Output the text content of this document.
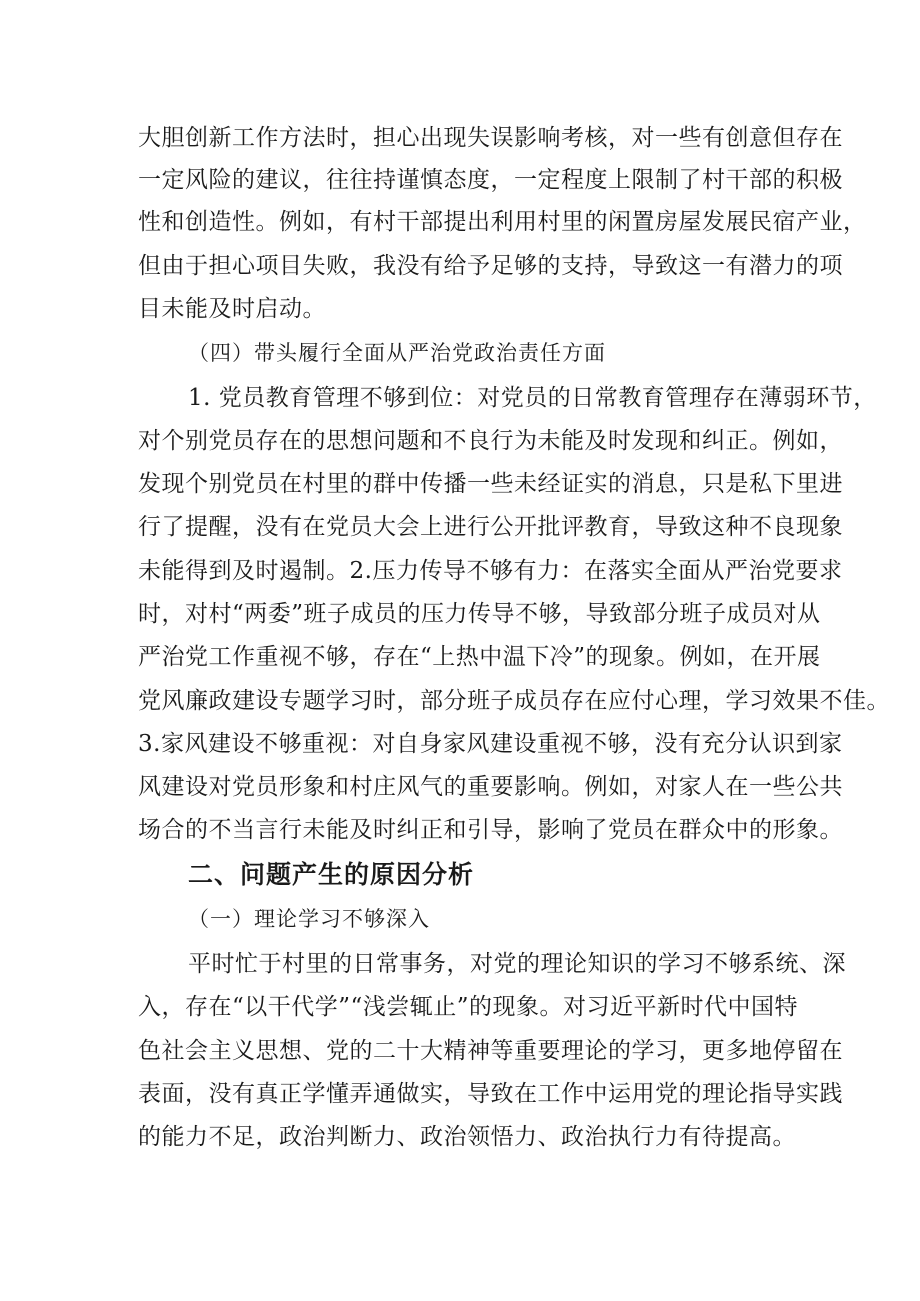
大胆创新工作方法时，担心出现失误影响考核，对一些有创意但存在
一定风险的建议，往往持谨慎态度，一定程度上限制了村干部的积极
性和创造性。例如，有村干部提出利用村里的闲置房屋发展民宿产业，
但由于担心项目失败，我没有给予足够的支持，导致这一有潜力的项
目未能及时启动。
（四）带头履行全面从严治党政治责任方面
1. 党员教育管理不够到位：对党员的日常教育管理存在薄弱环节，
对个别党员存在的思想问题和不良行为未能及时发现和纠正。例如，
发现个别党员在村里的群中传播一些未经证实的消息，只是私下里进
行了提醒，没有在党员大会上进行公开批评教育，导致这种不良现象
未能得到及时遏制。2.压力传导不够有力：在落实全面从严治党要求
时，对村“两委”班子成员的压力传导不够，导致部分班子成员对从
严治党工作重视不够，存在“上热中温下冷”的现象。例如，在开展
党风廉政建设专题学习时，部分班子成员存在应付心理，学习效果不佳。
3.家风建设不够重视：对自身家风建设重视不够，没有充分认识到家
风建设对党员形象和村庄风气的重要影响。例如，对家人在一些公共
场合的不当言行未能及时纠正和引导，影响了党员在群众中的形象。
二、问题产生的原因分析
（一）理论学习不够深入
平时忙于村里的日常事务，对党的理论知识的学习不够系统、深
入，存在“以干代学”“浅尝辄止”的现象。对习近平新时代中国特
色社会主义思想、党的二十大精神等重要理论的学习，更多地停留在
表面，没有真正学懂弄通做实，导致在工作中运用党的理论指导实践
的能力不足，政治判断力、政治领悟力、政治执行力有待提高。
